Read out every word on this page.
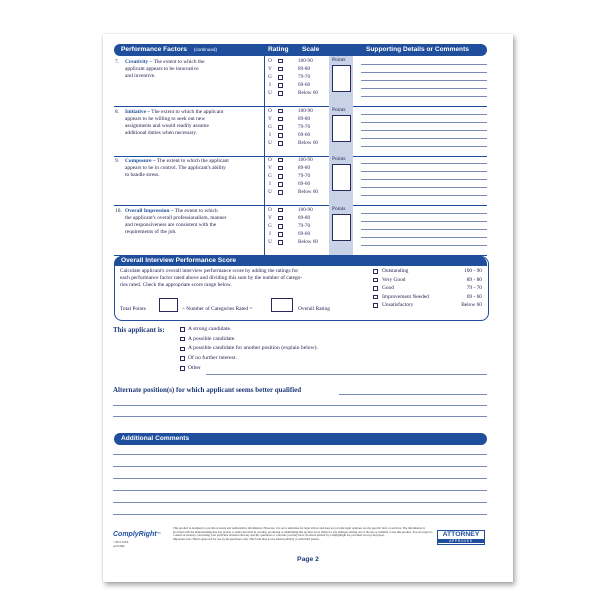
Performance Factors (continued)	Rating Scale	Supporting Details or Comments
7. Creativity – The extent to which the
applicant appears to be innovative
and inventive.
O	100-90
V	89-80
G	79-70
I	69-60
U	Below 60
Points
8. Initiative – The extent to which the applicant
appears to be willing to seek out new
assignments and would readily assume
additional duties when necessary.
O	100-90
V	89-80
G	79-70
I	69-60
U	Below 60
Points
9. Composure – The extent to which the applicant
appears to be in control. The applicant's ability
to handle stress.
O	100-90
V	89-80
G	79-70
I	69-60
U	Below 60
Points
10. Overall Impression – The extent to which
the applicant's overall professionalism, manner
and responsiveness are consistent with the
requirements of the job.
O	100-90
V	89-80
G	79-70
I	69-60
U	Below 60
Points
Overall Interview Performance Score
Calculate applicant's overall interview performance score by adding the ratings for
each performance factor rated above and dividing this sum by the number of catego-
ries rated. Check the appropriate score range below.
Total Points	÷ Number of Categories Rated =	Overall Rating
Outstanding	100 - 90
Very Good	89 - 80
Good	79 - 70
Improvement Needed	69 - 60
Unsatisfactory	Below 60
This applicant is:	A strong candidate.
A possible candidate.
A possible candidate for another position (explain below).
Of no further interest.
Other
Alternate position(s) for which applicant seems better qualified
Additional Comments
ComplyRight™
©2011 XXX
A2151DL
This product is designed to provide accurate and authoritative information. However, it is not a substitute for legal advice and does not provide legal opinions on any specific facts or services. The information is provided with the understanding that any person or entity involved in creating, producing or distributing this product is not liable for any damages arising out of the use or inability to use this product. You are urged to consult an attorney concerning your particular situation and any specific questions or concerns you may have. Products printed by ComplyRight are provided on recycled paper.
Important note: This is approved for use by the purchaser only. This form may not be shared publicly or with third parties.
ATTORNEY
APPROVED
Page 2
